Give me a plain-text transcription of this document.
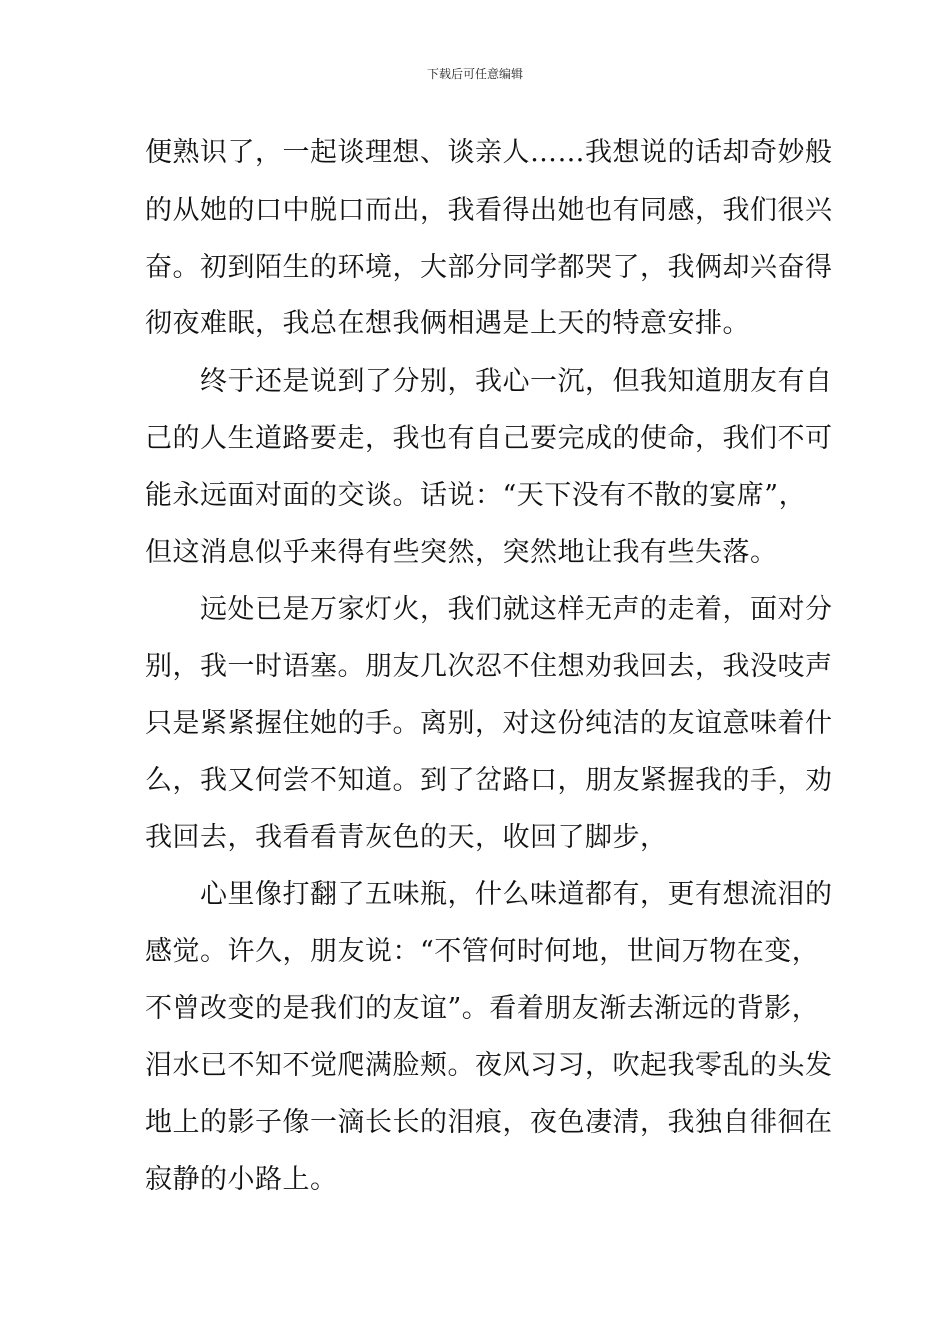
下载后可任意编辑
便熟识了，一起谈理想、谈亲人……我想说的话却奇妙般
的从她的口中脱口而出，我看得出她也有同感，我们很兴
奋。初到陌生的环境，大部分同学都哭了，我俩却兴奋得
彻夜难眠，我总在想我俩相遇是上天的特意安排。
　　终于还是说到了分别，我心一沉，但我知道朋友有自
己的人生道路要走，我也有自己要完成的使命，我们不可
能永远面对面的交谈。话说：“天下没有不散的宴席”，
但这消息似乎来得有些突然，突然地让我有些失落。
　　远处已是万家灯火，我们就这样无声的走着，面对分
别，我一时语塞。朋友几次忍不住想劝我回去，我没吱声
只是紧紧握住她的手。离别，对这份纯洁的友谊意味着什
么，我又何尝不知道。到了岔路口，朋友紧握我的手，劝
我回去，我看看青灰色的天，收回了脚步，
　　心里像打翻了五味瓶，什么味道都有，更有想流泪的
感觉。许久，朋友说：“不管何时何地，世间万物在变，
不曾改变的是我们的友谊”。看着朋友渐去渐远的背影，
泪水已不知不觉爬满脸颊。夜风习习，吹起我零乱的头发
地上的影子像一滴长长的泪痕，夜色凄清，我独自徘徊在
寂静的小路上。
